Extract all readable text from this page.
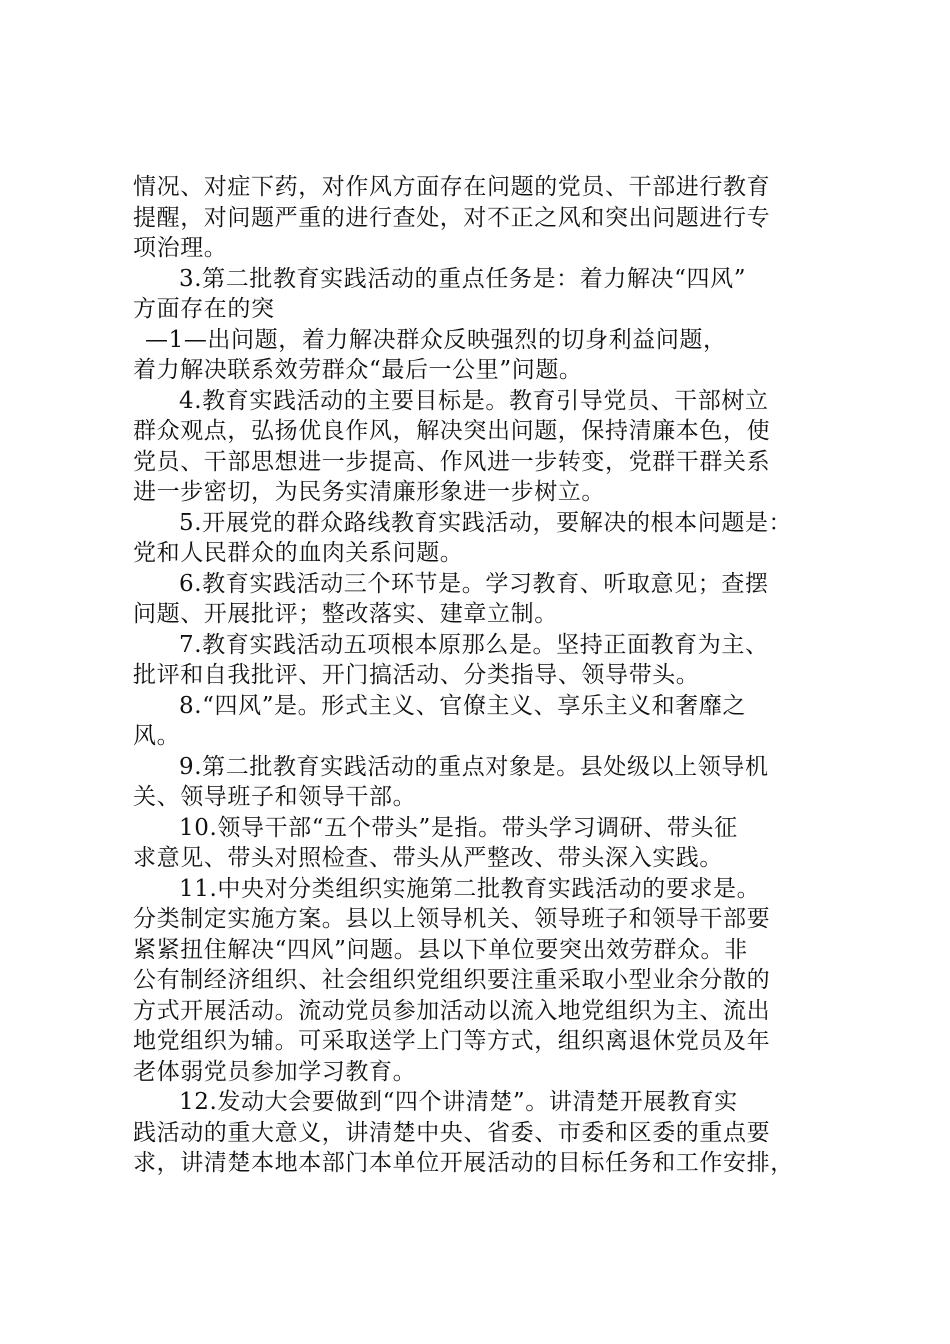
情况、对症下药，对作风方面存在问题的党员、干部进行教育
提醒，对问题严重的进行查处，对不正之风和突出问题进行专
项治理。
3.第二批教育实践活动的重点任务是：着力解决“四风”
方面存在的突
—1—出问题，着力解决群众反映强烈的切身利益问题，
着力解决联系效劳群众“最后一公里”问题。
4.教育实践活动的主要目标是。教育引导党员、干部树立
群众观点，弘扬优良作风，解决突出问题，保持清廉本色，使
党员、干部思想进一步提高、作风进一步转变，党群干群关系
进一步密切，为民务实清廉形象进一步树立。
5.开展党的群众路线教育实践活动，要解决的根本问题是：
党和人民群众的血肉关系问题。
6.教育实践活动三个环节是。学习教育、听取意见；查摆
问题、开展批评；整改落实、建章立制。
7.教育实践活动五项根本原那么是。坚持正面教育为主、
批评和自我批评、开门搞活动、分类指导、领导带头。
8.“四风”是。形式主义、官僚主义、享乐主义和奢靡之
风。
9.第二批教育实践活动的重点对象是。县处级以上领导机
关、领导班子和领导干部。
10.领导干部“五个带头”是指。带头学习调研、带头征
求意见、带头对照检查、带头从严整改、带头深入实践。
11.中央对分类组织实施第二批教育实践活动的要求是。
分类制定实施方案。县以上领导机关、领导班子和领导干部要
紧紧扭住解决“四风”问题。县以下单位要突出效劳群众。非
公有制经济组织、社会组织党组织要注重采取小型业余分散的
方式开展活动。流动党员参加活动以流入地党组织为主、流出
地党组织为辅。可采取送学上门等方式，组织离退休党员及年
老体弱党员参加学习教育。
12.发动大会要做到“四个讲清楚”。讲清楚开展教育实
践活动的重大意义，讲清楚中央、省委、市委和区委的重点要
求，讲清楚本地本部门本单位开展活动的目标任务和工作安排，
